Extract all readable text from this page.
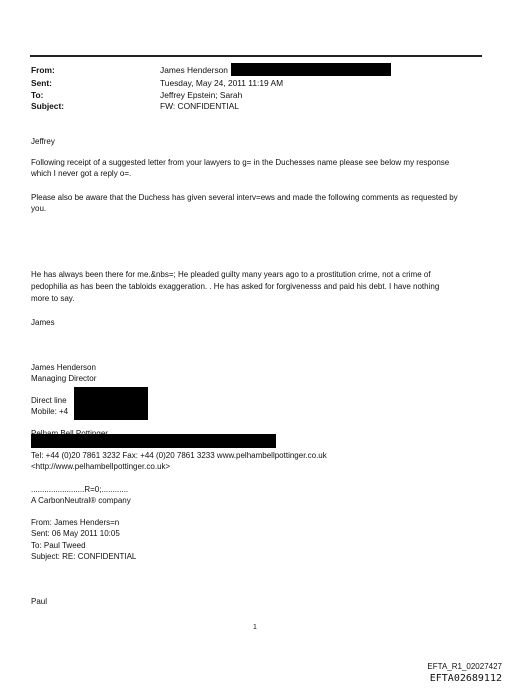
From:	James Henderson
Sent:	Tuesday, May 24, 2011 11:19 AM
To:	Jeffrey Epstein; Sarah
Subject:	FW: CONFIDENTIAL
Jeffrey
Following receipt of a suggested letter from your lawyers to g= in the Duchesses name please see below my response
which I never got a reply o=.
Please also be aware that the Duchess has given several interv=ews and made the following comments as requested by
you.
He has always been there for me.&nbs=; He pleaded guilty many years ago to a prostitution crime, not a crime of
pedophilia as has been the tabloids exaggeration. . He has asked for forgivenesss and paid his debt. I have nothing
more to say.
James
James Henderson
Managing Director
Direct line
Mobile: +4
Tel: +44 (0)20 7861 3232 Fax: +44 (0)20 7861 3233 www.pelhambellpottinger.co.uk
<http://www.pelhambellpottinger.co.uk>
........................R=0;............
A CarbonNeutral® company
From: James Henders=n
Sent: 06 May 2011 10:05
To: Paul Tweed
Subject: RE: CONFIDENTIAL
Paul
1
EFTA_R1_02027427
EFTA02689112
